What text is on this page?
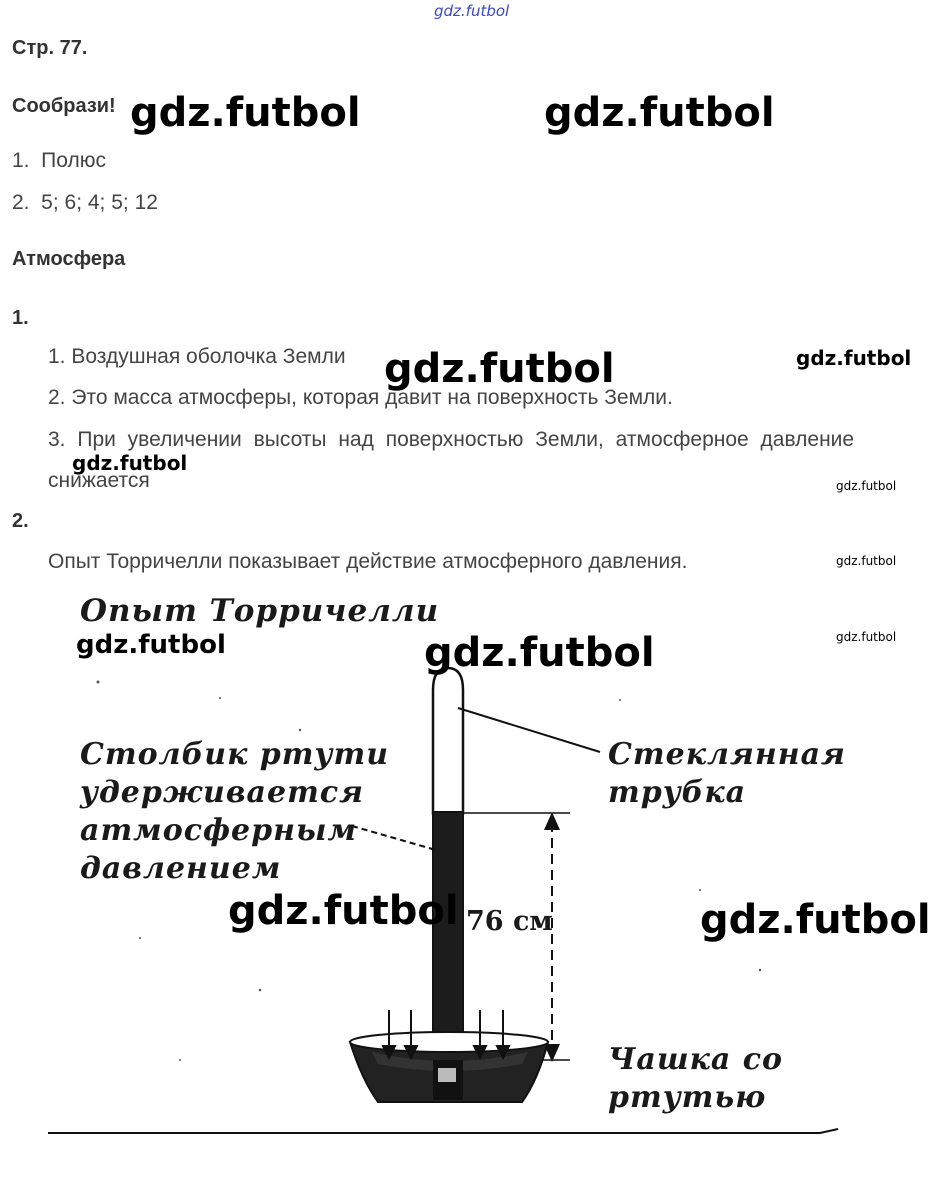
gdz.futbol
Стр. 77.
Сообрази!
1.  Полюс
2.  5; 6; 4; 5; 12
Атмосфера
1.
1. Воздушная оболочка Земли
2. Это масса атмосферы, которая давит на поверхность Земли.
3. При увеличении высоты над поверхностью Земли, атмосферное давление
снижается
2.
Опыт Торричелли показывает действие атмосферного давления.
Опыт Торричелли
Столбик ртути
удерживается
атмосферным
давлением
Стеклянная
трубка
Чашка со
ртутью
76 см
gdz.futbol	gdz.futbol
gdz.futbol	gdz.futbol
gdz.futbol
gdz.futbol
gdz.futbol
gdz.futbol
gdz.futbol	gdz.futbol
gdz.futbol	gdz.futbol
